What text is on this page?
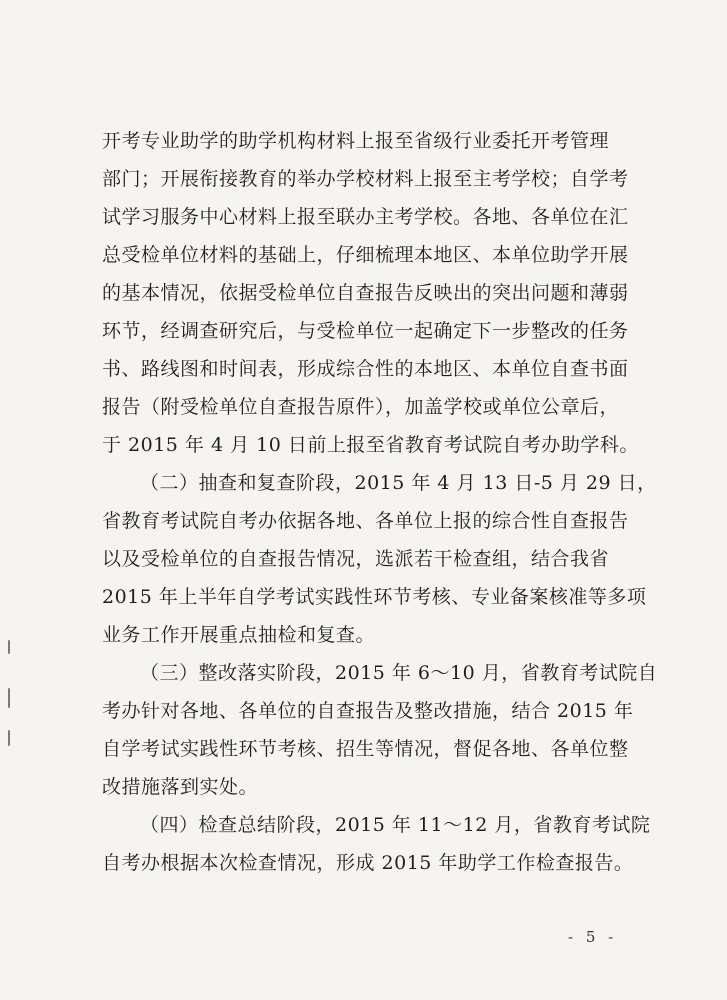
开考专业助学的助学机构材料上报至省级行业委托开考管理
部门；开展衔接教育的举办学校材料上报至主考学校；自学考
试学习服务中心材料上报至联办主考学校。各地、各单位在汇
总受检单位材料的基础上，仔细梳理本地区、本单位助学开展
的基本情况，依据受检单位自查报告反映出的突出问题和薄弱
环节，经调查研究后，与受检单位一起确定下一步整改的任务
书、路线图和时间表，形成综合性的本地区、本单位自查书面
报告（附受检单位自查报告原件），加盖学校或单位公章后，
于 2015 年 4 月 10 日前上报至省教育考试院自考办助学科。
（二）抽查和复查阶段，2015 年 4 月 13 日-5 月 29 日，
省教育考试院自考办依据各地、各单位上报的综合性自查报告
以及受检单位的自查报告情况，选派若干检查组，结合我省
2015 年上半年自学考试实践性环节考核、专业备案核准等多项
业务工作开展重点抽检和复查。
（三）整改落实阶段，2015 年 6～10 月，省教育考试院自
考办针对各地、各单位的自查报告及整改措施，结合 2015 年
自学考试实践性环节考核、招生等情况，督促各地、各单位整
改措施落到实处。
（四）检查总结阶段，2015 年 11～12 月，省教育考试院
自考办根据本次检查情况，形成 2015 年助学工作检查报告。
- 5 -
